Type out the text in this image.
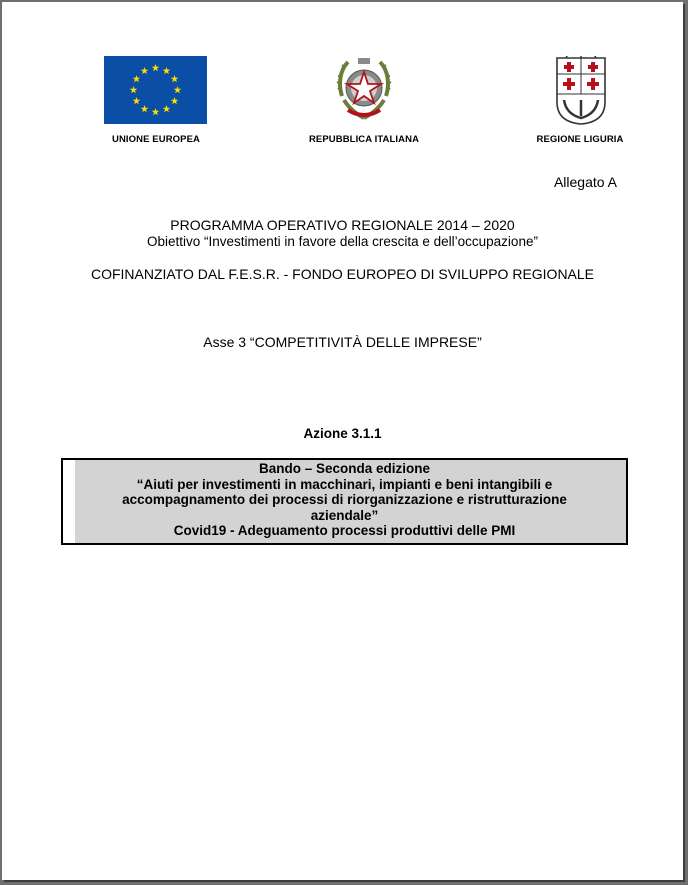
UNIONE EUROPEA	REPUBBLICA ITALIANA	REGIONE LIGURIA
Allegato A
PROGRAMMA OPERATIVO REGIONALE 2014 – 2020
Obiettivo “Investimenti in favore della crescita e dell’occupazione”
COFINANZIATO DAL F.E.S.R. - FONDO EUROPEO DI SVILUPPO REGIONALE
Asse 3 “COMPETITIVITÀ DELLE IMPRESE”
Azione 3.1.1
Bando – Seconda edizione
“Aiuti per investimenti in macchinari, impianti e beni intangibili e
accompagnamento dei processi di riorganizzazione e ristrutturazione
aziendale”
Covid19 - Adeguamento processi produttivi delle PMI
